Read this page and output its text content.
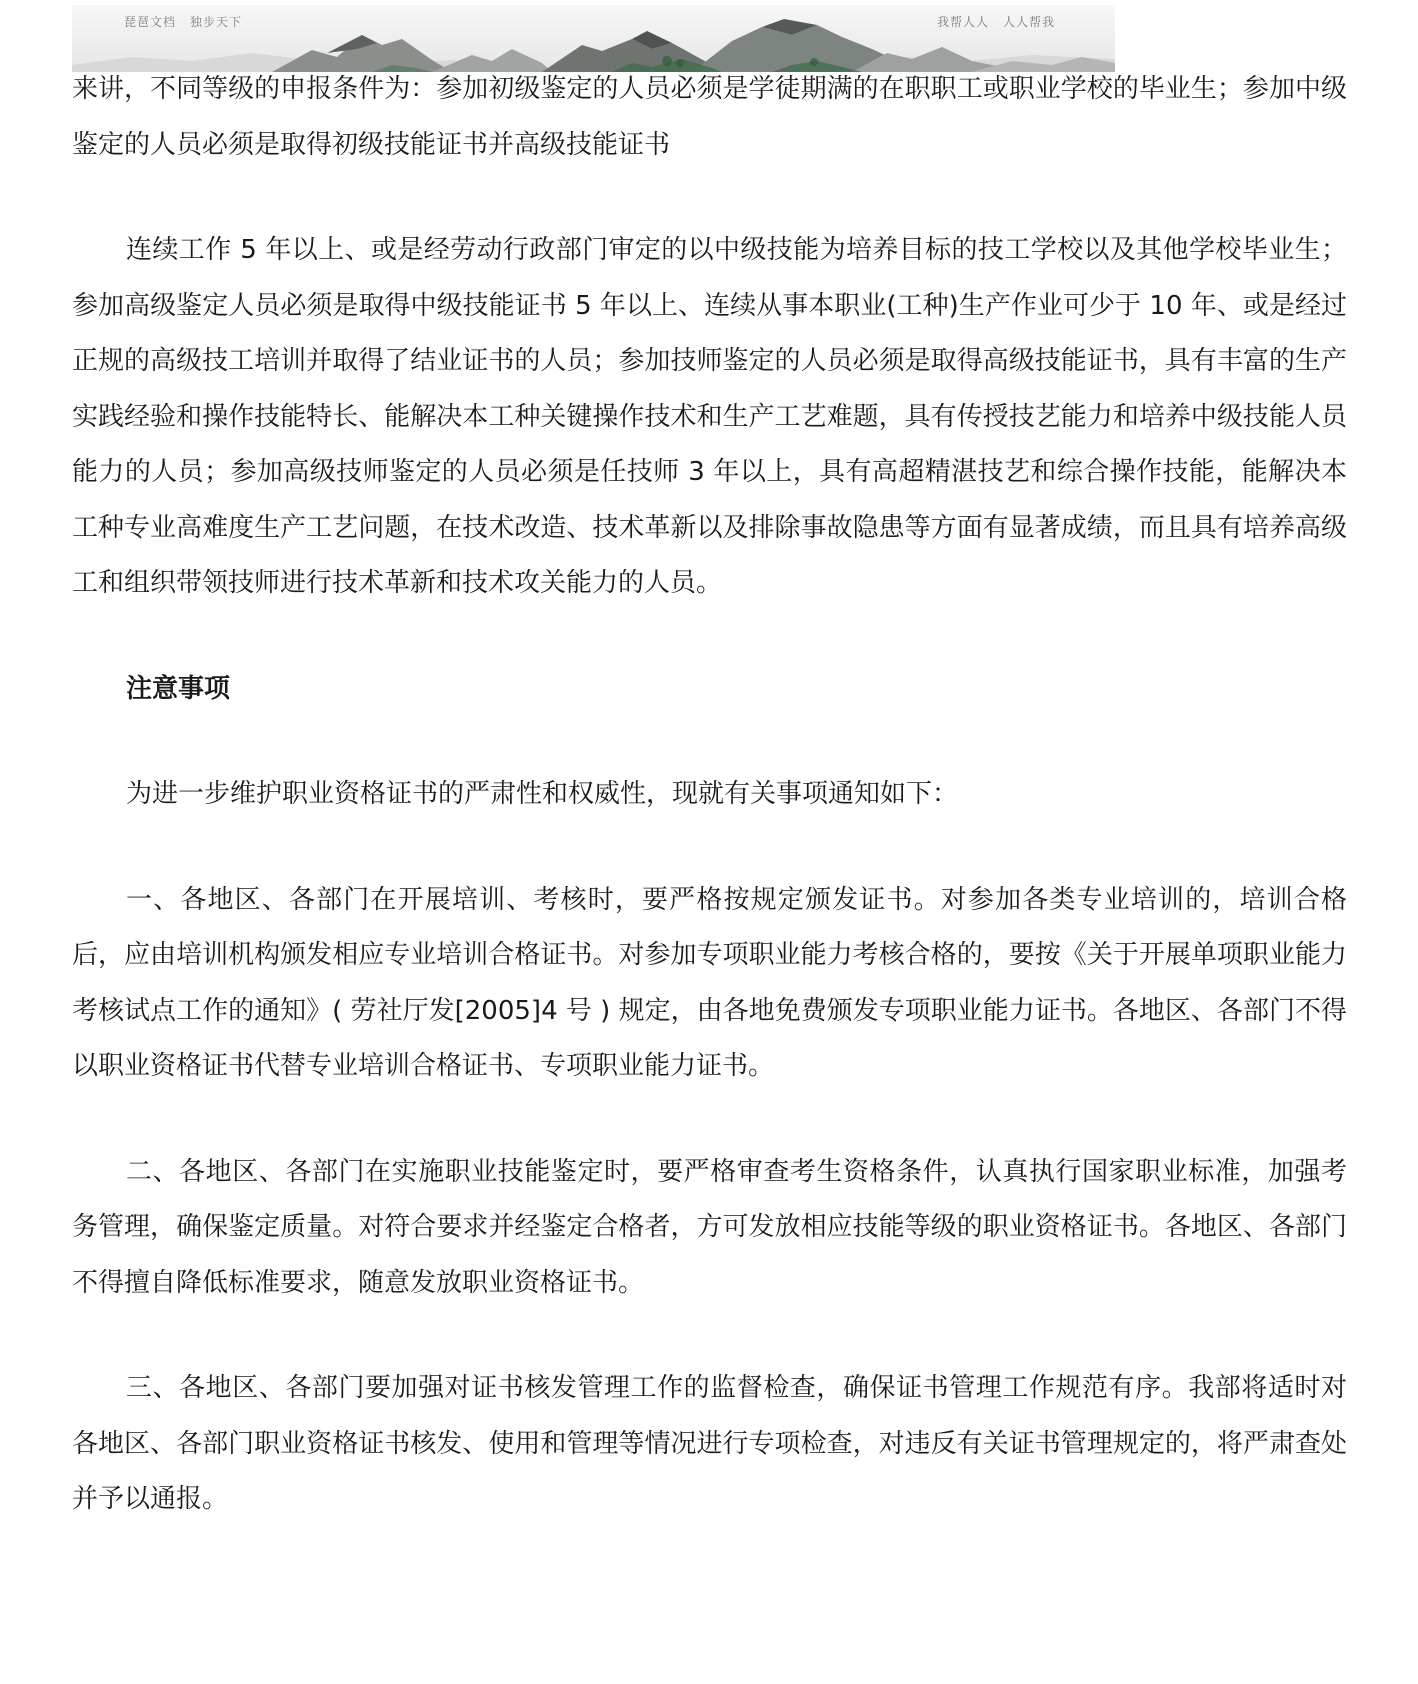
琵琶文档 独步天下	我帮人人 人人帮我

来讲，不同等级的申报条件为：参加初级鉴定的人员必须是学徒期满的在职职工或职业学校的毕业生；参加中级鉴定的人员必须是取得初级技能证书并高级技能证书

连续工作 5 年以上、或是经劳动行政部门审定的以中级技能为培养目标的技工学校以及其他学校毕业生；参加高级鉴定人员必须是取得中级技能证书 5 年以上、连续从事本职业(工种)生产作业可少于 10 年、或是经过正规的高级技工培训并取得了结业证书的人员；参加技师鉴定的人员必须是取得高级技能证书，具有丰富的生产实践经验和操作技能特长、能解决本工种关键操作技术和生产工艺难题，具有传授技艺能力和培养中级技能人员能力的人员；参加高级技师鉴定的人员必须是任技师 3 年以上，具有高超精湛技艺和综合操作技能，能解决本工种专业高难度生产工艺问题，在技术改造、技术革新以及排除事故隐患等方面有显著成绩，而且具有培养高级工和组织带领技师进行技术革新和技术攻关能力的人员。

注意事项

为进一步维护职业资格证书的严肃性和权威性，现就有关事项通知如下：

一、各地区、各部门在开展培训、考核时，要严格按规定颁发证书。对参加各类专业培训的，培训合格后，应由培训机构颁发相应专业培训合格证书。对参加专项职业能力考核合格的，要按《关于开展单项职业能力考核试点工作的通知》( 劳社厅发[2005]4 号 ) 规定，由各地免费颁发专项职业能力证书。各地区、各部门不得以职业资格证书代替专业培训合格证书、专项职业能力证书。

二、各地区、各部门在实施职业技能鉴定时，要严格审查考生资格条件，认真执行国家职业标准，加强考务管理，确保鉴定质量。对符合要求并经鉴定合格者，方可发放相应技能等级的职业资格证书。各地区、各部门不得擅自降低标准要求，随意发放职业资格证书。

三、各地区、各部门要加强对证书核发管理工作的监督检查，确保证书管理工作规范有序。我部将适时对各地区、各部门职业资格证书核发、使用和管理等情况进行专项检查，对违反有关证书管理规定的，将严肃查处并予以通报。
